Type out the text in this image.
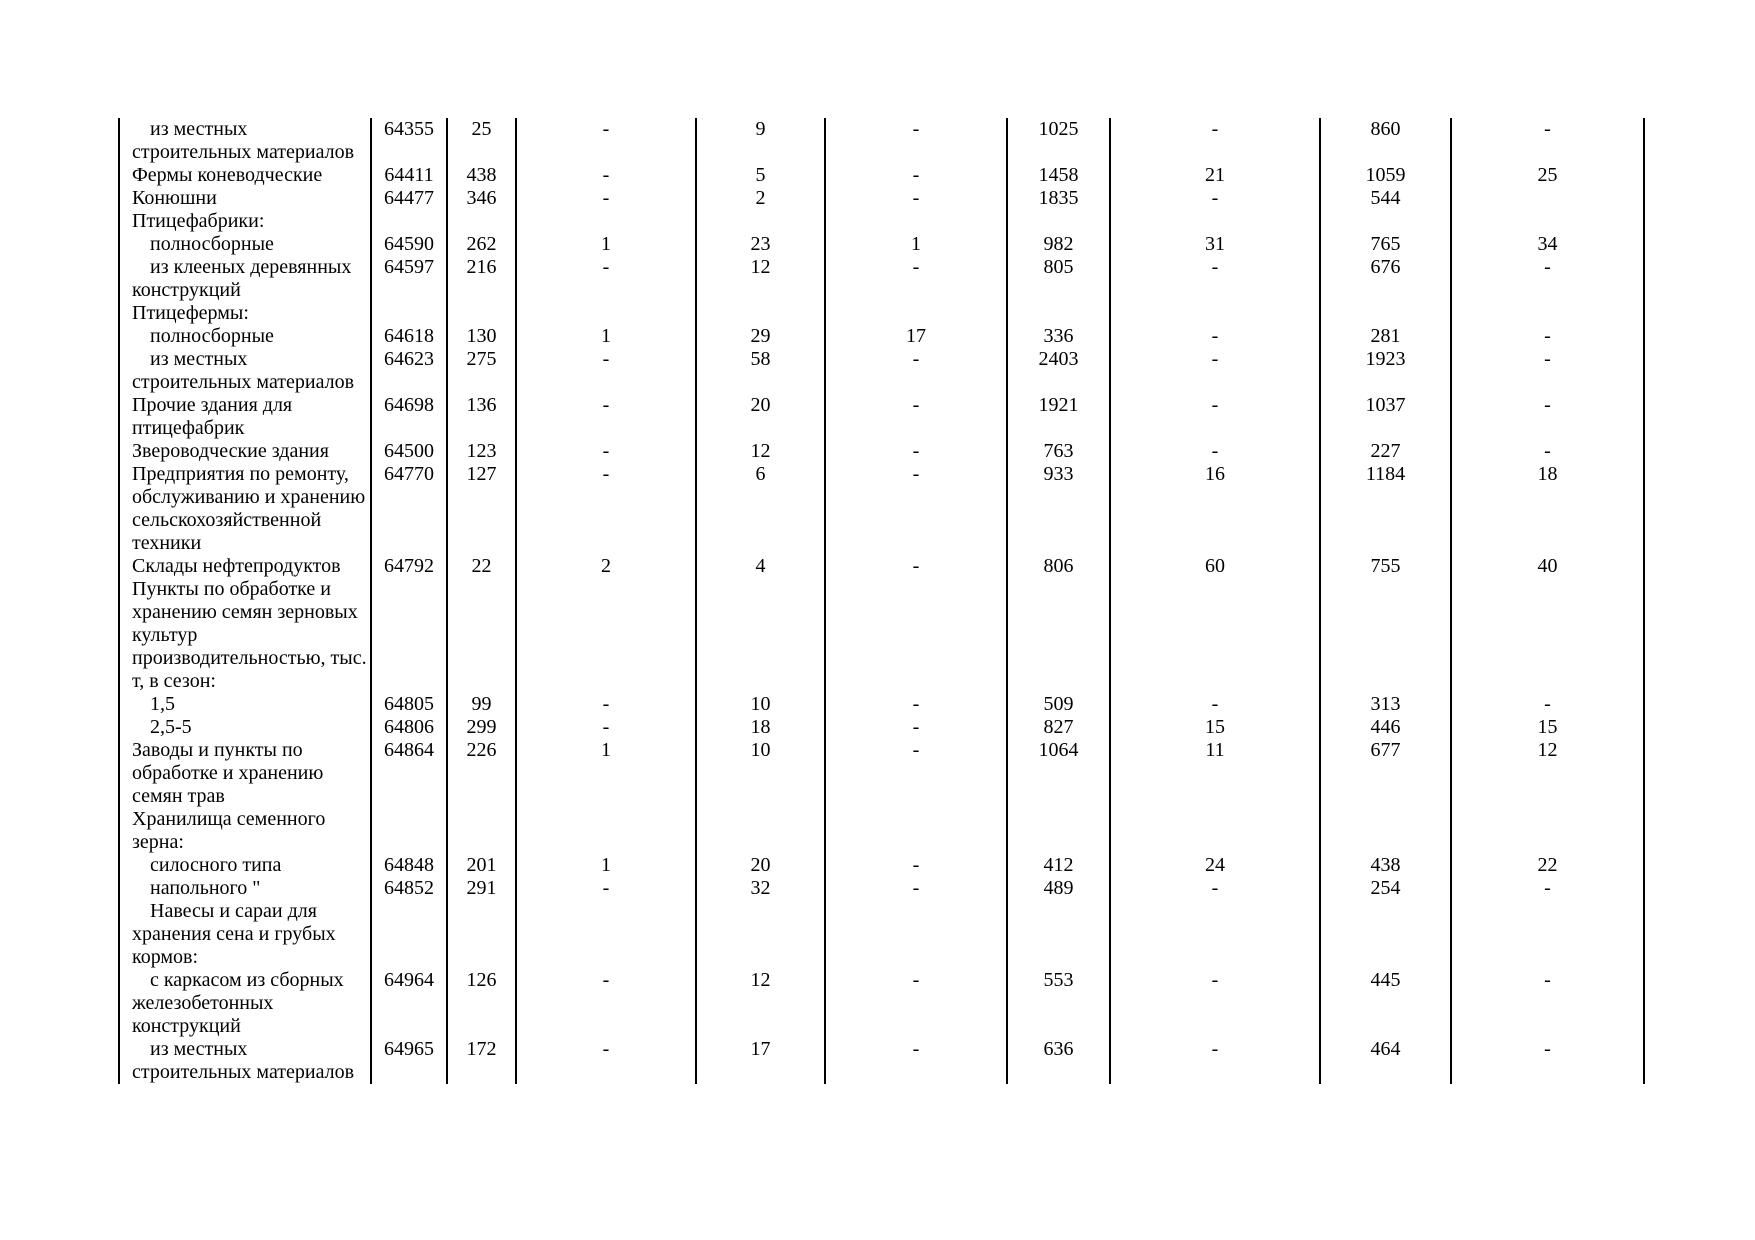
из местных строительных материалов	64355	25	-	9	-	1025	-	860	-
Фермы коневодческие	64411	438	-	5	-	1458	21	1059	25
Конюшни	64477	346	-	2	-	1835	-	544	
Птицефабрики:									
полносборные	64590	262	1	23	1	982	31	765	34
из клееных деревянных конструкций	64597	216	-	12	-	805	-	676	-
Птицефермы:									
полносборные	64618	130	1	29	17	336	-	281	-
из местных строительных материалов	64623	275	-	58	-	2403	-	1923	-
Прочие здания для птицефабрик	64698	136	-	20	-	1921	-	1037	-
Звероводческие здания	64500	123	-	12	-	763	-	227	-
Предприятия по ремонту, обслуживанию и хранению сельскохозяйственной техники	64770	127	-	6	-	933	16	1184	18
Склады нефтепродуктов	64792	22	2	4	-	806	60	755	40
Пункты по обработке и хранению семян зерновых культур производительностью, тыс. т, в сезон:									
1,5	64805	99	-	10	-	509	-	313	-
2,5-5	64806	299	-	18	-	827	15	446	15
Заводы и пункты по обработке и хранению семян трав	64864	226	1	10	-	1064	11	677	12
Хранилища семенного зерна:									
силосного типа	64848	201	1	20	-	412	24	438	22
напольного "	64852	291	-	32	-	489	-	254	-
Навесы и сараи для хранения сена и грубых кормов:									
с каркасом из сборных железобетонных конструкций	64964	126	-	12	-	553	-	445	-
из местных строительных материалов	64965	172	-	17	-	636	-	464	-
